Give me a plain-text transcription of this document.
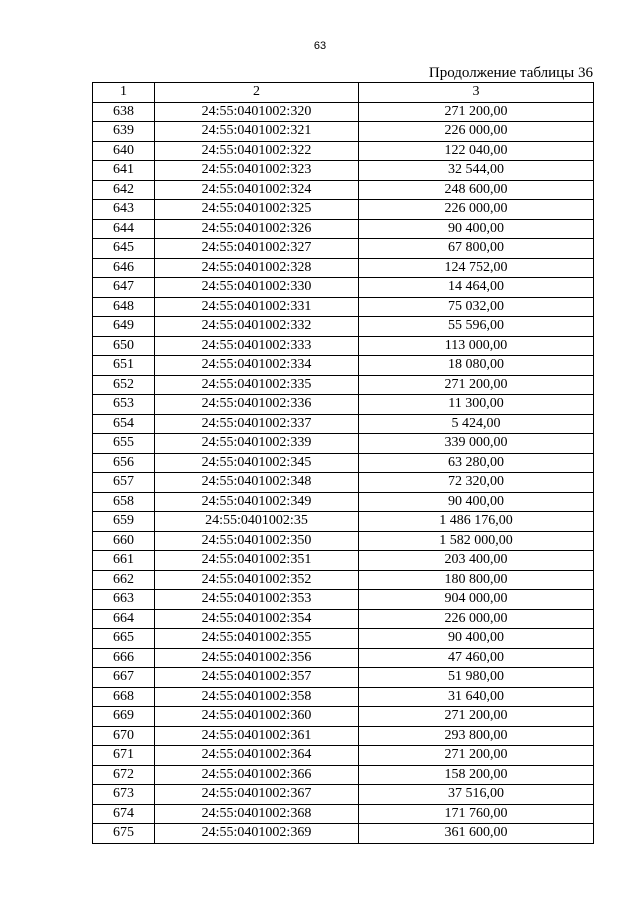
63
Продолжение таблицы 36
1	2	3
638	24:55:0401002:320	271 200,00
639	24:55:0401002:321	226 000,00
640	24:55:0401002:322	122 040,00
641	24:55:0401002:323	32 544,00
642	24:55:0401002:324	248 600,00
643	24:55:0401002:325	226 000,00
644	24:55:0401002:326	90 400,00
645	24:55:0401002:327	67 800,00
646	24:55:0401002:328	124 752,00
647	24:55:0401002:330	14 464,00
648	24:55:0401002:331	75 032,00
649	24:55:0401002:332	55 596,00
650	24:55:0401002:333	113 000,00
651	24:55:0401002:334	18 080,00
652	24:55:0401002:335	271 200,00
653	24:55:0401002:336	11 300,00
654	24:55:0401002:337	5 424,00
655	24:55:0401002:339	339 000,00
656	24:55:0401002:345	63 280,00
657	24:55:0401002:348	72 320,00
658	24:55:0401002:349	90 400,00
659	24:55:0401002:35	1 486 176,00
660	24:55:0401002:350	1 582 000,00
661	24:55:0401002:351	203 400,00
662	24:55:0401002:352	180 800,00
663	24:55:0401002:353	904 000,00
664	24:55:0401002:354	226 000,00
665	24:55:0401002:355	90 400,00
666	24:55:0401002:356	47 460,00
667	24:55:0401002:357	51 980,00
668	24:55:0401002:358	31 640,00
669	24:55:0401002:360	271 200,00
670	24:55:0401002:361	293 800,00
671	24:55:0401002:364	271 200,00
672	24:55:0401002:366	158 200,00
673	24:55:0401002:367	37 516,00
674	24:55:0401002:368	171 760,00
675	24:55:0401002:369	361 600,00
